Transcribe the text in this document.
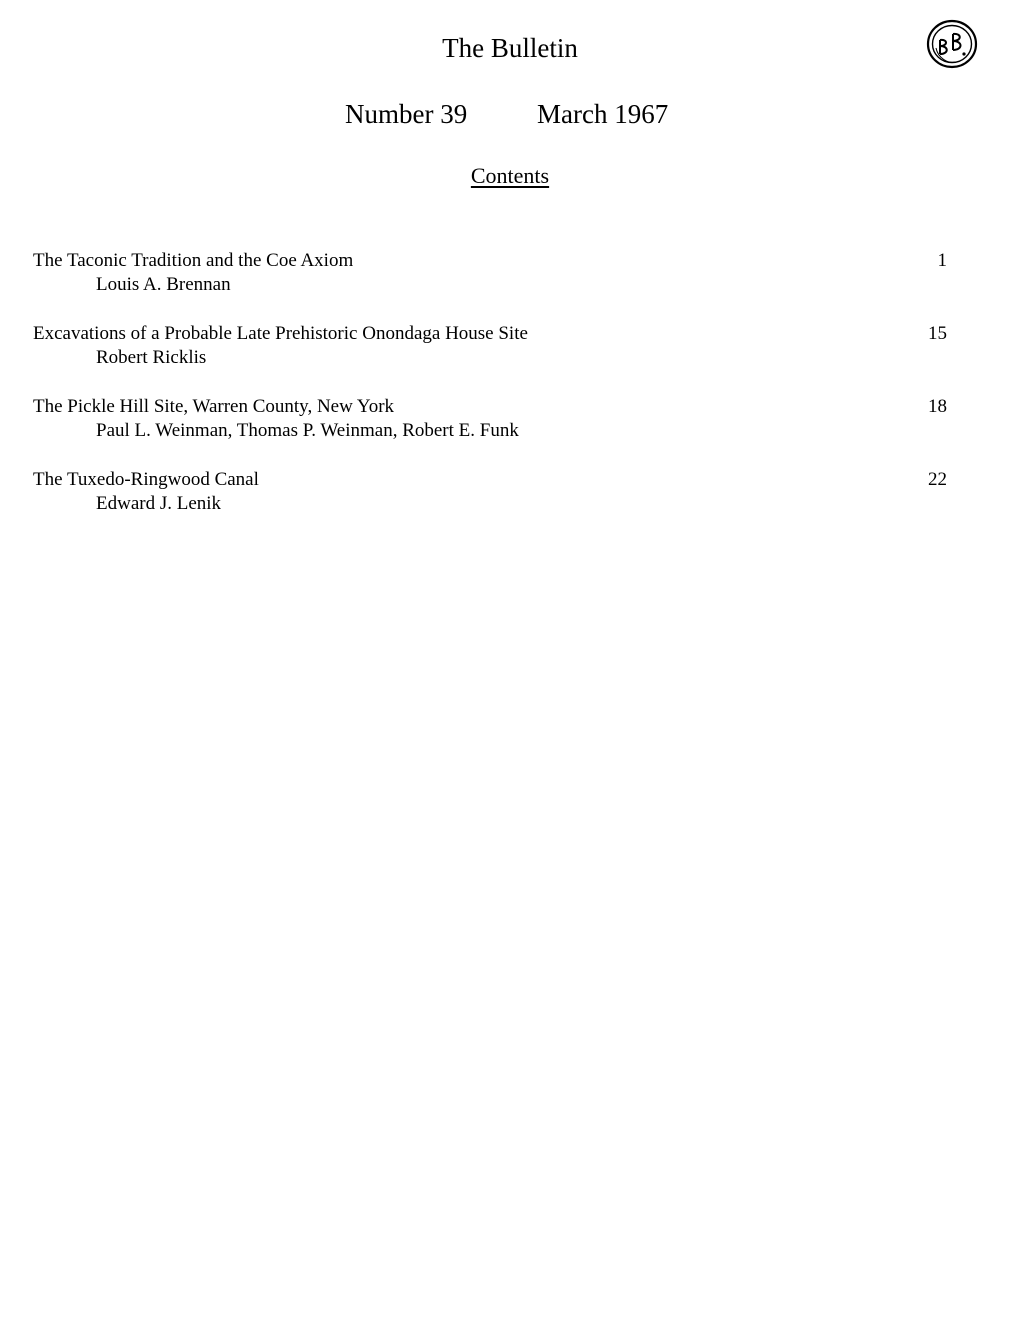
The Bulletin
Number 39	March 1967
Contents
The Taconic Tradition and the Coe Axiom	1
Louis A. Brennan
Excavations of a Probable Late Prehistoric Onondaga House Site	15
Robert Ricklis
The Pickle Hill Site, Warren County, New York	18
Paul L. Weinman, Thomas P. Weinman, Robert E. Funk
The Tuxedo-Ringwood Canal	22
Edward J. Lenik
